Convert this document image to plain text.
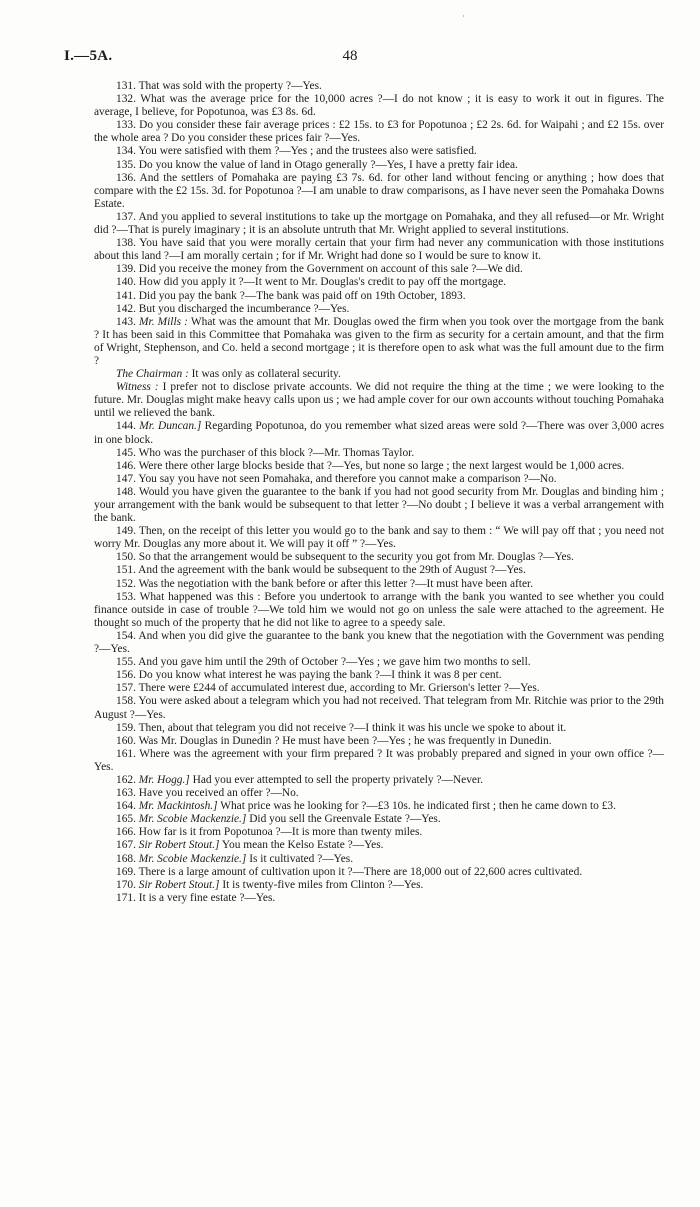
·
I.—5A.	48

131. That was sold with the property ?—Yes.

132. What was the average price for the 10,000 acres ?—I do not know ; it is easy to work it out in figures. The average, I believe, for Popotunoa, was £3 8s. 6d.

133. Do you consider these fair average prices : £2 15s. to £3 for Popotunoa ; £2 2s. 6d. for Waipahi ; and £2 15s. over the whole area ? Do you consider these prices fair ?—Yes.

134. You were satisfied with them ?—Yes ; and the trustees also were satisfied.

135. Do you know the value of land in Otago generally ?—Yes, I have a pretty fair idea.

136. And the settlers of Pomahaka are paying £3 7s. 6d. for other land without fencing or anything ; how does that compare with the £2 15s. 3d. for Popotunoa ?—I am unable to draw comparisons, as I have never seen the Pomahaka Downs Estate.

137. And you applied to several institutions to take up the mortgage on Pomahaka, and they all refused—or Mr. Wright did ?—That is purely imaginary ; it is an absolute untruth that Mr. Wright applied to several institutions.

138. You have said that you were morally certain that your firm had never any communication with those institutions about this land ?—I am morally certain ; for if Mr. Wright had done so I would be sure to know it.

139. Did you receive the money from the Government on account of this sale ?—We did.

140. How did you apply it ?—It went to Mr. Douglas's credit to pay off the mortgage.

141. Did you pay the bank ?—The bank was paid off on 19th October, 1893.

142. But you discharged the incumberance ?—Yes.

143. Mr. Mills : What was the amount that Mr. Douglas owed the firm when you took over the mortgage from the bank ? It has been said in this Committee that Pomahaka was given to the firm as security for a certain amount, and that the firm of Wright, Stephenson, and Co. held a second mortgage ; it is therefore open to ask what was the full amount due to the firm ?

The Chairman : It was only as collateral security.

Witness : I prefer not to disclose private accounts. We did not require the thing at the time ; we were looking to the future. Mr. Douglas might make heavy calls upon us ; we had ample cover for our own accounts without touching Pomahaka until we relieved the bank.

144. Mr. Duncan.] Regarding Popotunoa, do you remember what sized areas were sold ?—There was over 3,000 acres in one block.

145. Who was the purchaser of this block ?—Mr. Thomas Taylor.

146. Were there other large blocks beside that ?—Yes, but none so large ; the next largest would be 1,000 acres.

147. You say you have not seen Pomahaka, and therefore you cannot make a comparison ?—No.

148. Would you have given the guarantee to the bank if you had not good security from Mr. Douglas and binding him ; your arrangement with the bank would be subsequent to that letter ?—No doubt ; I believe it was a verbal arrangement with the bank.

149. Then, on the receipt of this letter you would go to the bank and say to them : “ We will pay off that ; you need not worry Mr. Douglas any more about it. We will pay it off ” ?—Yes.

150. So that the arrangement would be subsequent to the security you got from Mr. Douglas ?—Yes.

151. And the agreement with the bank would be subsequent to the 29th of August ?—Yes.

152. Was the negotiation with the bank before or after this letter ?—It must have been after.

153. What happened was this : Before you undertook to arrange with the bank you wanted to see whether you could finance outside in case of trouble ?—We told him we would not go on unless the sale were attached to the agreement. He thought so much of the property that he did not like to agree to a speedy sale.

154. And when you did give the guarantee to the bank you knew that the negotiation with the Government was pending ?—Yes.

155. And you gave him until the 29th of October ?—Yes ; we gave him two months to sell.

156. Do you know what interest he was paying the bank ?—I think it was 8 per cent.

157. There were £244 of accumulated interest due, according to Mr. Grierson's letter ?—Yes.

158. You were asked about a telegram which you had not received. That telegram from Mr. Ritchie was prior to the 29th August ?—Yes.

159. Then, about that telegram you did not receive ?—I think it was his uncle we spoke to about it.

160. Was Mr. Douglas in Dunedin ? He must have been ?—Yes ; he was frequently in Dunedin.

161. Where was the agreement with your firm prepared ? It was probably prepared and signed in your own office ?—Yes.

162. Mr. Hogg.] Had you ever attempted to sell the property privately ?—Never.

163. Have you received an offer ?—No.

164. Mr. Mackintosh.] What price was he looking for ?—£3 10s. he indicated first ; then he came down to £3.

165. Mr. Scobie Mackenzie.] Did you sell the Greenvale Estate ?—Yes.

166. How far is it from Popotunoa ?—It is more than twenty miles.

167. Sir Robert Stout.] You mean the Kelso Estate ?—Yes.

168. Mr. Scobie Mackenzie.] Is it cultivated ?—Yes.

169. There is a large amount of cultivation upon it ?—There are 18,000 out of 22,600 acres cultivated.

170. Sir Robert Stout.] It is twenty-five miles from Clinton ?—Yes.

171. It is a very fine estate ?—Yes.
